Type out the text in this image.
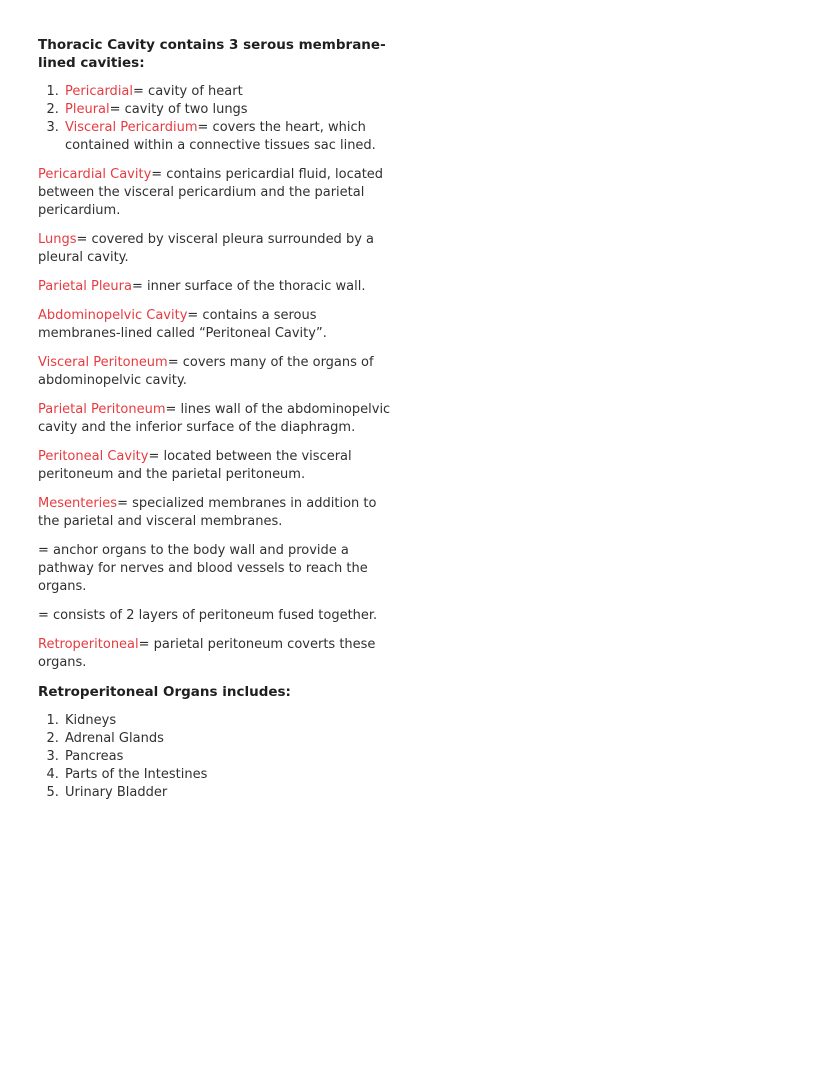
Thoracic Cavity contains 3 serous membrane-lined cavities:
1. Pericardial= cavity of heart
2. Pleural= cavity of two lungs
3. Visceral Pericardium= covers the heart, which contained within a connective tissues sac lined.

Pericardial Cavity= contains pericardial fluid, located between the visceral pericardium and the parietal pericardium.

Lungs= covered by visceral pleura surrounded by a pleural cavity.

Parietal Pleura= inner surface of the thoracic wall.

Abdominopelvic Cavity= contains a serous membranes-lined called “Peritoneal Cavity”.

Visceral Peritoneum= covers many of the organs of abdominopelvic cavity.

Parietal Peritoneum= lines wall of the abdominopelvic cavity and the inferior surface of the diaphragm.

Peritoneal Cavity= located between the visceral peritoneum and the parietal peritoneum.

Mesenteries= specialized membranes in addition to the parietal and visceral membranes.

= anchor organs to the body wall and provide a pathway for nerves and blood vessels to reach the organs.

= consists of 2 layers of peritoneum fused together.

Retroperitoneal= parietal peritoneum coverts these organs.

Retroperitoneal Organs includes:
1. Kidneys
2. Adrenal Glands
3. Pancreas
4. Parts of the Intestines
5. Urinary Bladder
